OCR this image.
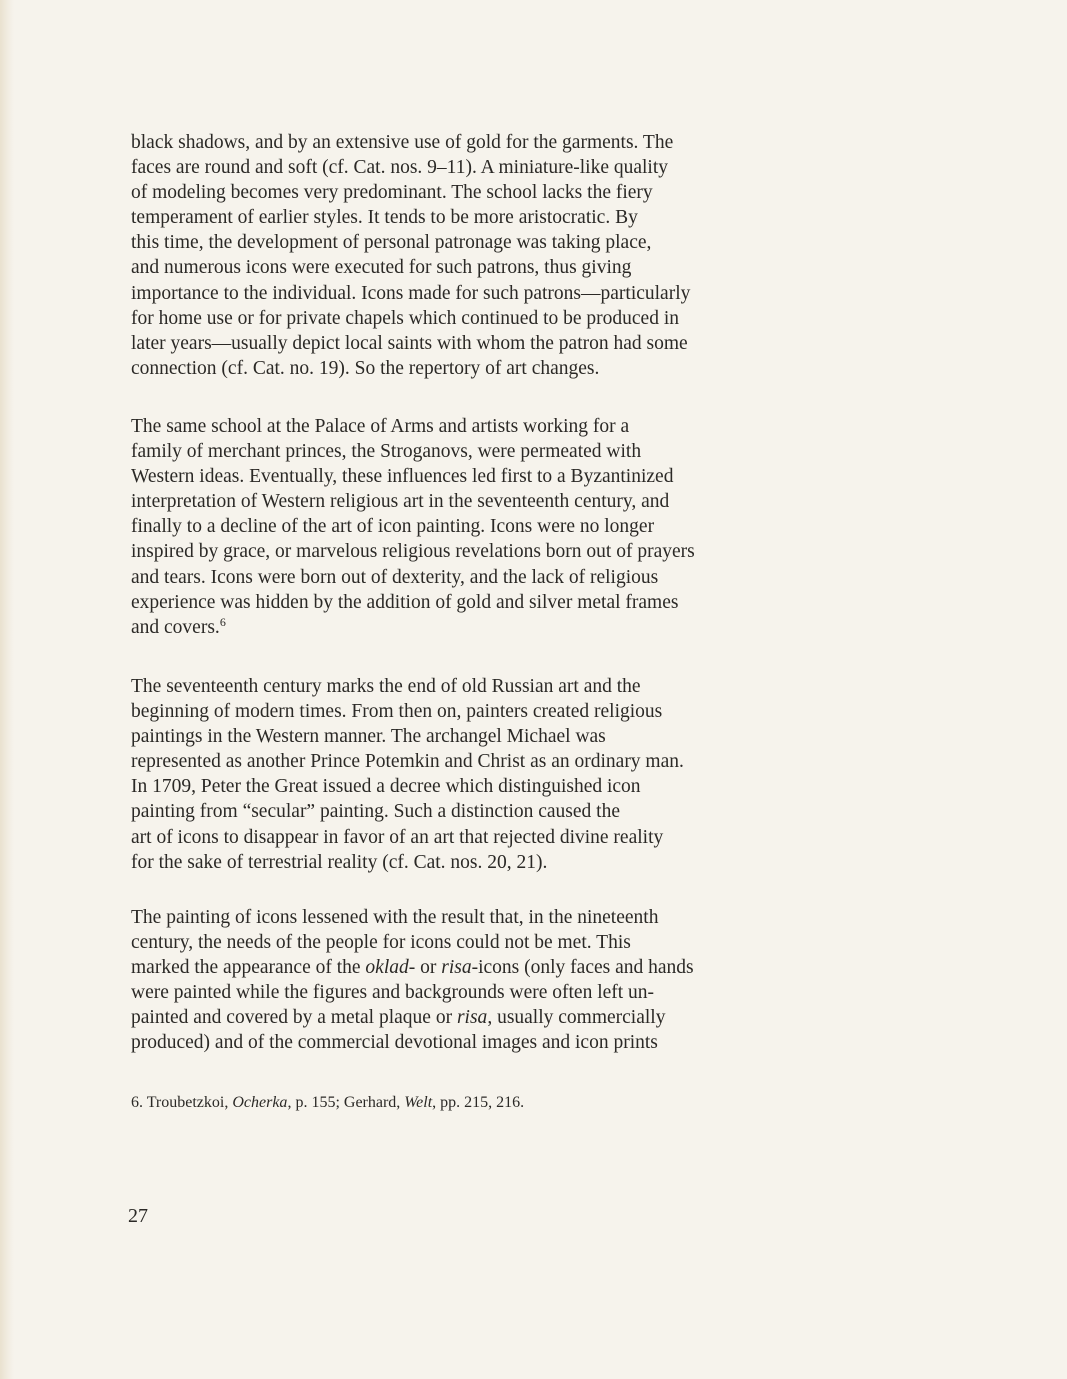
black shadows, and by an extensive use of gold for the garments. The

faces are round and soft (cf. Cat. nos. 9–11). A miniature-like quality

of modeling becomes very predominant. The school lacks the fiery

temperament of earlier styles. It tends to be more aristocratic. By

this time, the development of personal patronage was taking place,

and numerous icons were executed for such patrons, thus giving

importance to the individual. Icons made for such patrons—particularly

for home use or for private chapels which continued to be produced in

later years—usually depict local saints with whom the patron had some

connection (cf. Cat. no. 19). So the repertory of art changes.

The same school at the Palace of Arms and artists working for a

family of merchant princes, the Stroganovs, were permeated with

Western ideas. Eventually, these influences led first to a Byzantinized

interpretation of Western religious art in the seventeenth century, and

finally to a decline of the art of icon painting. Icons were no longer

inspired by grace, or marvelous religious revelations born out of prayers

and tears. Icons were born out of dexterity, and the lack of religious

experience was hidden by the addition of gold and silver metal frames

and covers.$^6$

The seventeenth century marks the end of old Russian art and the

beginning of modern times. From then on, painters created religious

paintings in the Western manner. The archangel Michael was

represented as another Prince Potemkin and Christ as an ordinary man.

In 1709, Peter the Great issued a decree which distinguished icon

painting from “secular” painting. Such a distinction caused the

art of icons to disappear in favor of an art that rejected divine reality

for the sake of terrestrial reality (cf. Cat. nos. 20, 21).

The painting of icons lessened with the result that, in the nineteenth

century, the needs of the people for icons could not be met. This

marked the appearance of the oklad- or risa-icons (only faces and hands

were painted while the figures and backgrounds were often left un-

painted and covered by a metal plaque or risa, usually commercially

produced) and of the commercial devotional images and icon prints

6. Troubetzkoi, Ocherka, p. 155; Gerhard, Welt, pp. 215, 216.
27
